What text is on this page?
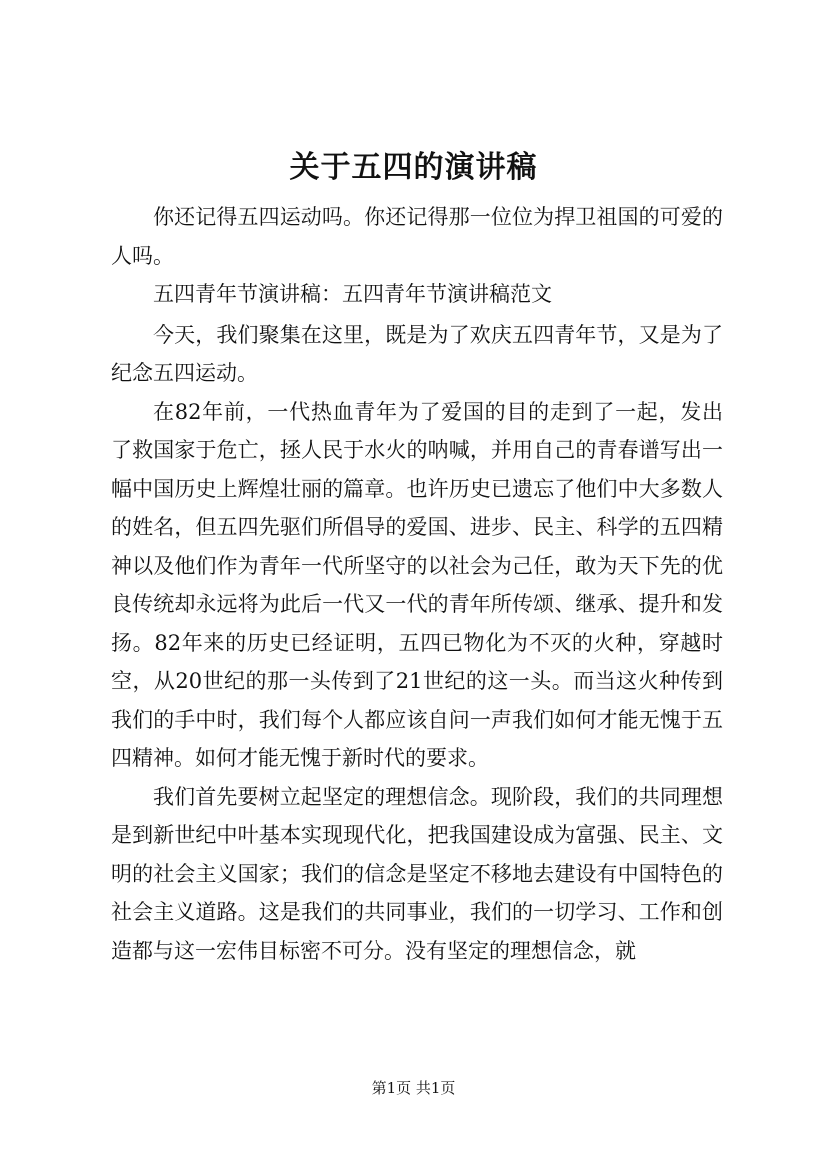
关于五四的演讲稿

你还记得五四运动吗。你还记得那一位位为捍卫祖国的可爱的人吗。

五四青年节演讲稿：五四青年节演讲稿范文

今天，我们聚集在这里，既是为了欢庆五四青年节，又是为了纪念五四运动。

在82年前，一代热血青年为了爱国的目的走到了一起，发出了救国家于危亡，拯人民于水火的呐喊，并用自己的青春谱写出一幅中国历史上辉煌壮丽的篇章。也许历史已遗忘了他们中大多数人的姓名，但五四先驱们所倡导的爱国、进步、民主、科学的五四精神以及他们作为青年一代所坚守的以社会为己任，敢为天下先的优良传统却永远将为此后一代又一代的青年所传颂、继承、提升和发扬。82年来的历史已经证明，五四已物化为不灭的火种，穿越时空，从20世纪的那一头传到了21世纪的这一头。而当这火种传到我们的手中时，我们每个人都应该自问一声我们如何才能无愧于五四精神。如何才能无愧于新时代的要求。

我们首先要树立起坚定的理想信念。现阶段，我们的共同理想是到新世纪中叶基本实现现代化，把我国建设成为富强、民主、文明的社会主义国家；我们的信念是坚定不移地去建设有中国特色的社会主义道路。这是我们的共同事业，我们的一切学习、工作和创造都与这一宏伟目标密不可分。没有坚定的理想信念，就

第1页 共1页
